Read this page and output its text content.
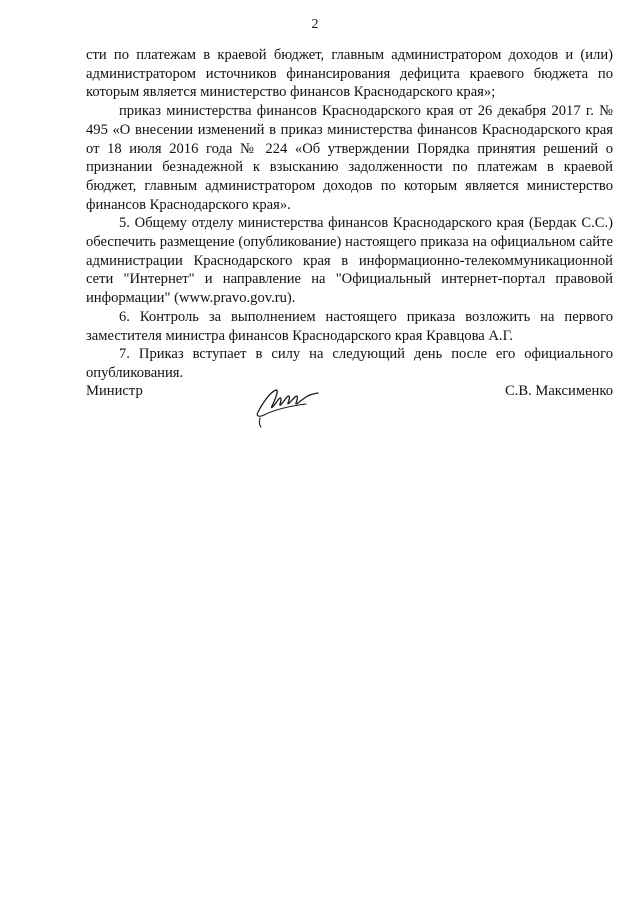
2

сти по платежам в краевой бюджет, главным администратором доходов и (или) администратором источников финансирования дефицита краевого бюджета по которым является министерство финансов Краснодарского края»;

приказ министерства финансов Краснодарского края от 26 декабря 2017 г. № 495 «О внесении изменений в приказ министерства финансов Краснодарского края от 18 июля 2016 года № 224 «Об утверждении Порядка принятия решений о признании безнадежной к взысканию задолженности по платежам в краевой бюджет, главным администратором доходов по которым является министерство финансов Краснодарского края».

5. Общему отделу министерства финансов Краснодарского края (Бердак С.С.) обеспечить размещение (опубликование) настоящего приказа на официальном сайте администрации Краснодарского края в информационно-телекоммуникационной сети "Интернет" и направление на "Официальный интернет-портал правовой информации" (www.pravo.gov.ru).

6. Контроль за выполнением настоящего приказа возложить на первого заместителя министра финансов Краснодарского края Кравцова А.Г.

7. Приказ вступает в силу на следующий день после его официального опубликования.

Министр	С.В. Максименко
